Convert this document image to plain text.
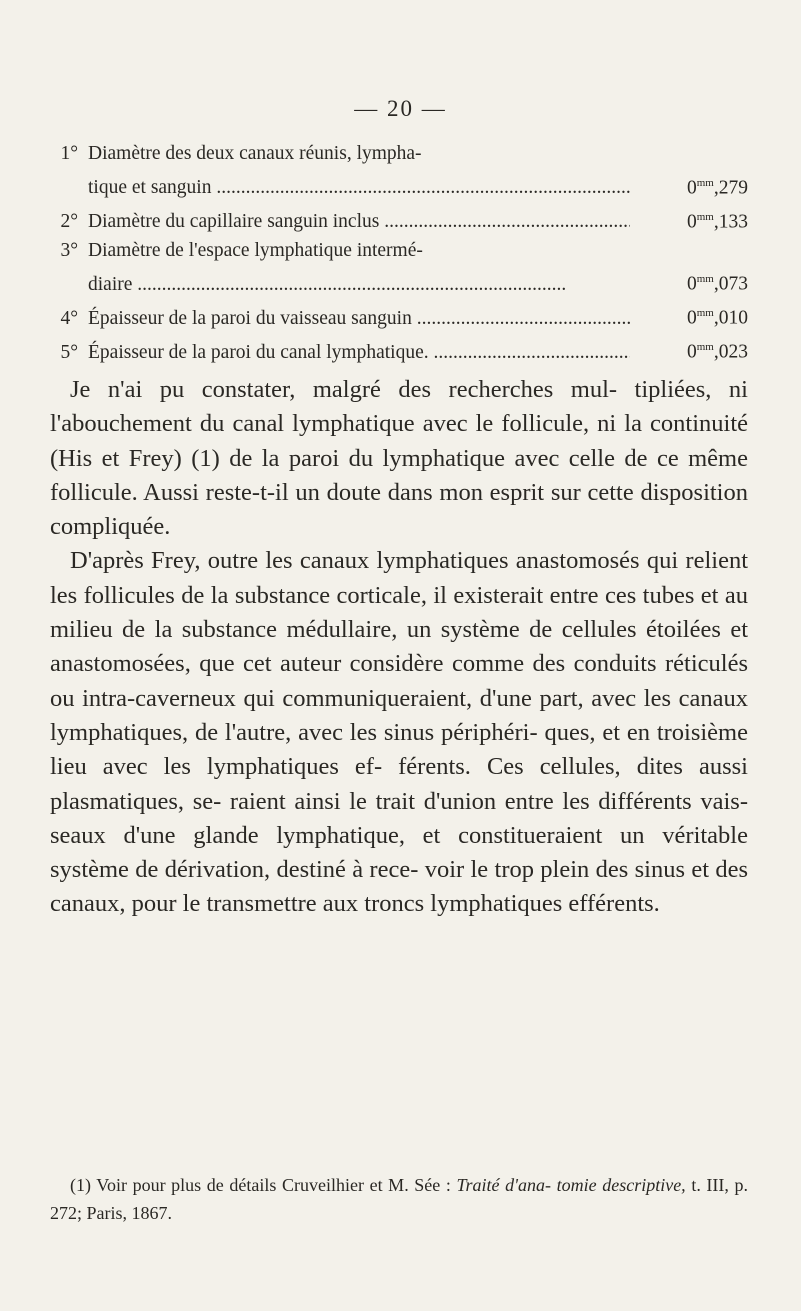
— 20 —
1° Diamètre des deux canaux réunis, lympha-
tique et sanguin .....	$0^{mm},279$
2° Diamètre du capillaire sanguin inclus .....	$0^{mm},133$
3° Diamètre de l'espace lymphatique intermé-
diaire .....	$0^{mm},073$
4° Épaisseur de la paroi du vaisseau sanguin .....	$0^{mm},010$
5° Épaisseur de la paroi du canal lymphatique. .....	$0^{mm},023$

Je n'ai pu constater, malgré des recherches mul- tipliées, ni l'abouchement du canal lymphatique avec le follicule, ni la continuité (His et Frey) (1) de la paroi du lymphatique avec celle de ce même follicule. Aussi reste-t-il un doute dans mon esprit sur cette disposition compliquée.

D'après Frey, outre les canaux lymphatiques anastomosés qui relient les follicules de la substance corticale, il existerait entre ces tubes et au milieu de la substance médullaire, un système de cellules étoilées et anastomosées, que cet auteur considère comme des conduits réticulés ou intra-caverneux qui communiqueraient, d'une part, avec les canaux lymphatiques, de l'autre, avec les sinus périphéri- ques, et en troisième lieu avec les lymphatiques ef- férents. Ces cellules, dites aussi plasmatiques, se- raient ainsi le trait d'union entre les différents vais- seaux d'une glande lymphatique, et constitueraient un véritable système de dérivation, destiné à rece- voir le trop plein des sinus et des canaux, pour le transmettre aux troncs lymphatiques efférents.

(1) Voir pour plus de détails Cruveilhier et M. Sée : Traité d'ana- tomie descriptive, t. III, p. 272; Paris, 1867.
